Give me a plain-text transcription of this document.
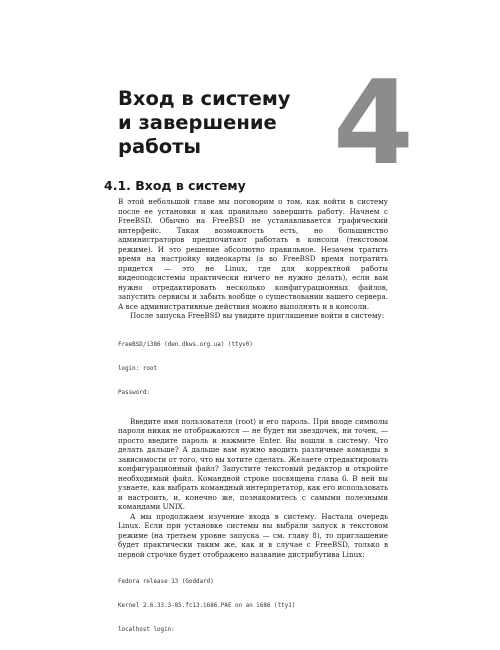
Вход в систему
и завершение работы	4
4.1. Вход в систему

В этой небольшой главе мы поговорим о том, как войти в систему после ее установки и как правильно завершить работу. Начнем с FreeBSD. Обычно на FreeBSD не устанавливается графический интерфейс. Такая возможность есть, но большинство администраторов предпочитают работать в консоли (текстовом режиме). И это решение абсолютно правильное. Незачем тратить время на настройку видеокарты (а во FreeBSD время потратить придется — это не Linux, где для корректной работы видеоподсистемы практически ничего не нужно делать), если вам нужно отредактировать несколько конфигурационных файлов, запустить сервисы и забыть вообще о существовании вашего сервера. А все административные действия можно выполнять и в консоли.

После запуска FreeBSD вы увидите приглашение войти в систему:

FreeBSD/i386 (den.dkws.org.ua) (ttyv0)

login: root

Password:

Введите имя пользователя (root) и его пароль. При вводе символы пароля никак не отображаются — не будет ни звездочек, ни точек, — просто введите пароль и нажмите Enter. Вы вошли в систему. Что делать дальше? А дальше вам нужно вводить различные команды в зависимости от того, что вы хотите сделать. Желаете отредактировать конфигурационный файл? Запустите текстовый редактор и откройте необходимый файл. Командной строке посвящена глава 6. В ней вы узнаете, как выбрать командный интерпретатор, как его использовать и настроить, и, конечно же, познакомитесь с самыми полезными командами UNIX.

А мы продолжаем изучение входа в систему. Настала очередь Linux. Если при установке системы вы выбрали запуск в текстовом режиме (на третьем уровне запуска — см. главу 8), то приглашение будет практически таким же, как и в случае с FreeBSD, только в первой строчке будет отображено название дистрибутива Linux:

Fedora release 13 (Goddard)

Kernel 2.6.33.3-85.fc13.i686.PAE on an i686 (tty1)

localhost login:
